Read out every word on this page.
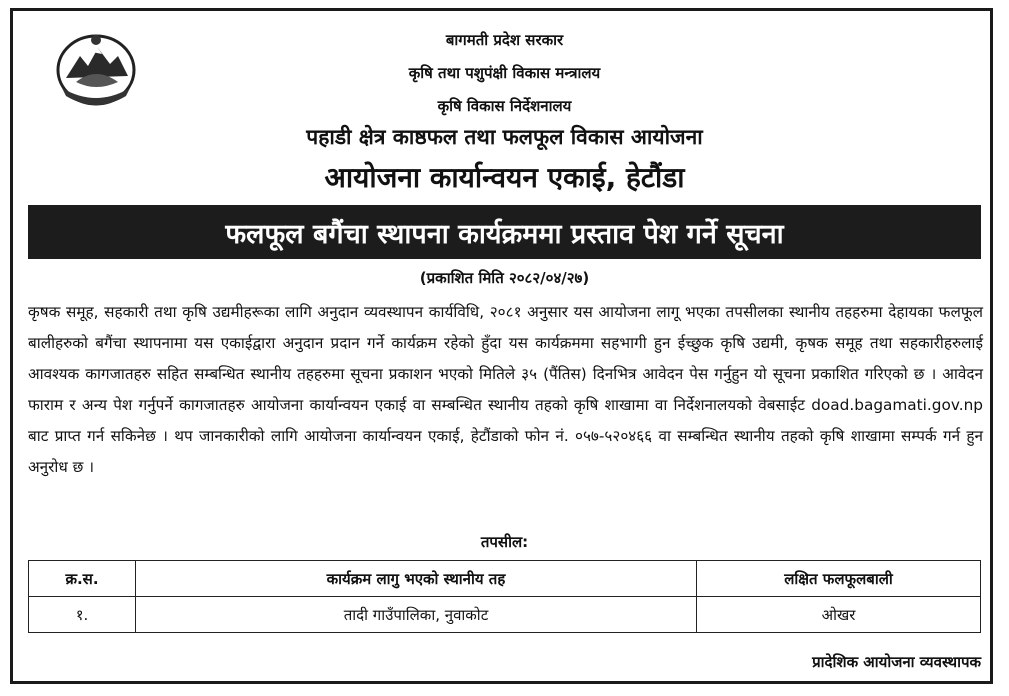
बागमती प्रदेश सरकार
कृषि तथा पशुपंक्षी विकास मन्त्रालय
कृषि विकास निर्देशनालय
पहाडी क्षेत्र काष्ठफल तथा फलफूल विकास आयोजना
आयोजना कार्यान्वयन एकाई, हेटौंडा
फलफूल बगैंचा स्थापना कार्यक्रममा प्रस्ताव पेश गर्ने सूचना
(प्रकाशित मिति २०८२/०४/२७)
कृषक समूह, सहकारी तथा कृषि उद्यमीहरूका लागि अनुदान व्यवस्थापन कार्यविधि, २०८१ अनुसार यस आयोजना लागू भएका तपसीलका स्थानीय तहहरुमा देहायका फलफूल बालीहरुको बगैंचा स्थापनामा यस एकाईद्वारा अनुदान प्रदान गर्ने कार्यक्रम रहेको हुँदा यस कार्यक्रममा सहभागी हुन ईच्छुक कृषि उद्यमी, कृषक समूह तथा सहकारीहरुलाई आवश्यक कागजातहरु सहित सम्बन्धित स्थानीय तहहरुमा सूचना प्रकाशन भएको मितिले ३५ (पैंतिस) दिनभित्र आवेदन पेस गर्नुहुन यो सूचना प्रकाशित गरिएको छ । आवेदन फाराम र अन्य पेश गर्नुपर्ने कागजातहरु आयोजना कार्यान्वयन एकाई वा सम्बन्धित स्थानीय तहको कृषि शाखामा वा निर्देशनालयको वेबसाईट doad.bagamati.gov.np बाट प्राप्त गर्न सकिनेछ । थप जानकारीको लागि आयोजना कार्यान्वयन एकाई, हेटौंडाको फोन नं. ०५७-५२०४६६ वा सम्बन्धित स्थानीय तहको कृषि शाखामा सम्पर्क गर्न हुन अनुरोध छ ।
तपसील:
क्र.स.	कार्यक्रम लागु भएको स्थानीय तह	लक्षित फलफूलबाली
१.	तादी गाउँपालिका, नुवाकोट	ओखर
प्रादेशिक आयोजना व्यवस्थापक
